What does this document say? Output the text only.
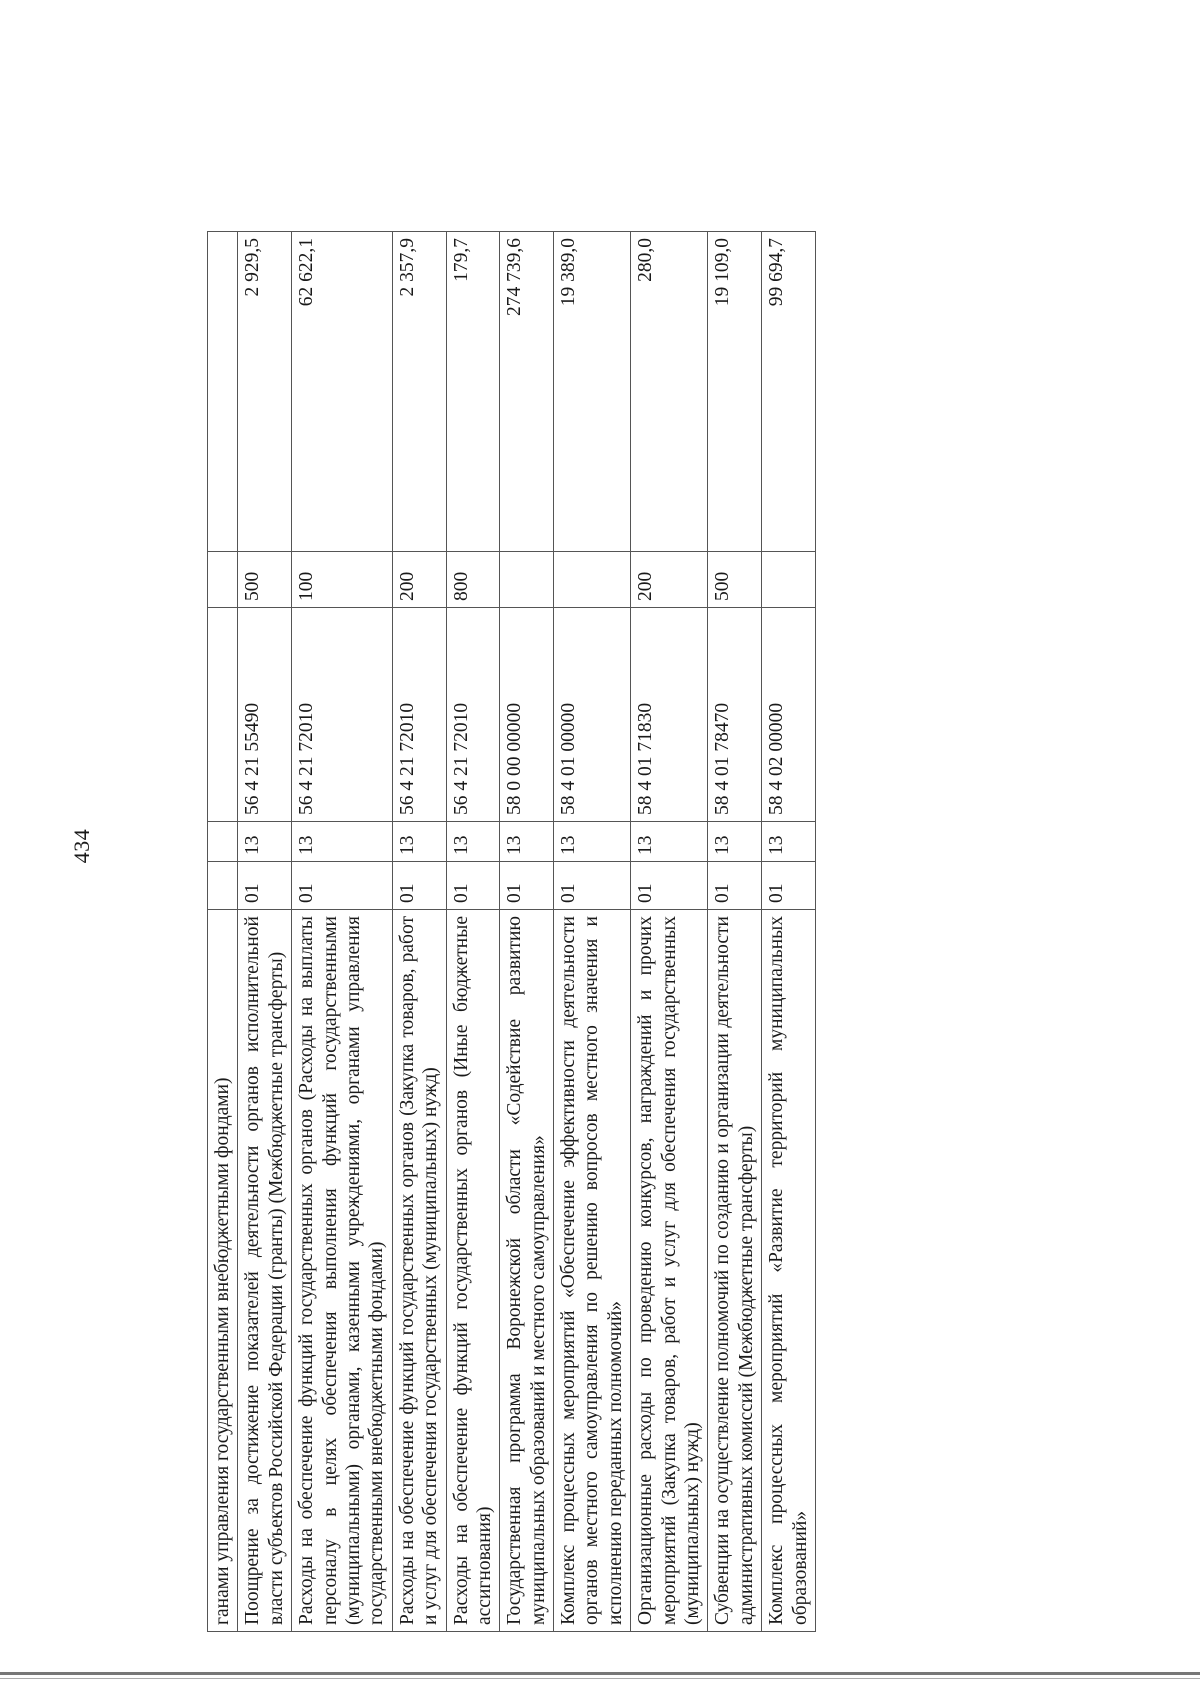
434
ганами управления государственными внебюджетными фондами)					
Поощрение за достижение показателей деятельности органов исполнительной власти субъектов Российской Федерации (гранты) (Межбюджетные трансферты)	01	13	56 4 21 55490	500	2 929,5
Расходы на обеспечение функций государственных органов (Расходы на выплаты персоналу в целях обеспечения выполнения функций государственными (муниципальными) органами, казенными учреждениями, органами управления государственными внебюджетными фондами)	01	13	56 4 21 72010	100	62 622,1
Расходы на обеспечение функций государственных органов (Закупка товаров, работ и услуг для обеспечения государственных (муниципальных) нужд)	01	13	56 4 21 72010	200	2 357,9
Расходы на обеспечение функций государственных органов (Иные бюджетные ассигнования)	01	13	56 4 21 72010	800	179,7
Государственная программа Воронежской области «Содействие развитию муниципальных образований и местного самоуправления»	01	13	58 0 00 00000		274 739,6
Комплекс процессных мероприятий «Обеспечение эффективности деятельности органов местного самоуправления по решению вопросов местного значения и исполнению переданных полномочий»	01	13	58 4 01 00000		19 389,0
Организационные расходы по проведению конкурсов, награждений и прочих мероприятий (Закупка товаров, работ и услуг для обеспечения государственных (муниципальных) нужд)	01	13	58 4 01 71830	200	280,0
Субвенции на осуществление полномочий по созданию и организации деятельности административных комиссий (Межбюджетные трансферты)	01	13	58 4 01 78470	500	19 109,0
Комплекс процессных мероприятий «Развитие территорий муниципальных образований»	01	13	58 4 02 00000		99 694,7
